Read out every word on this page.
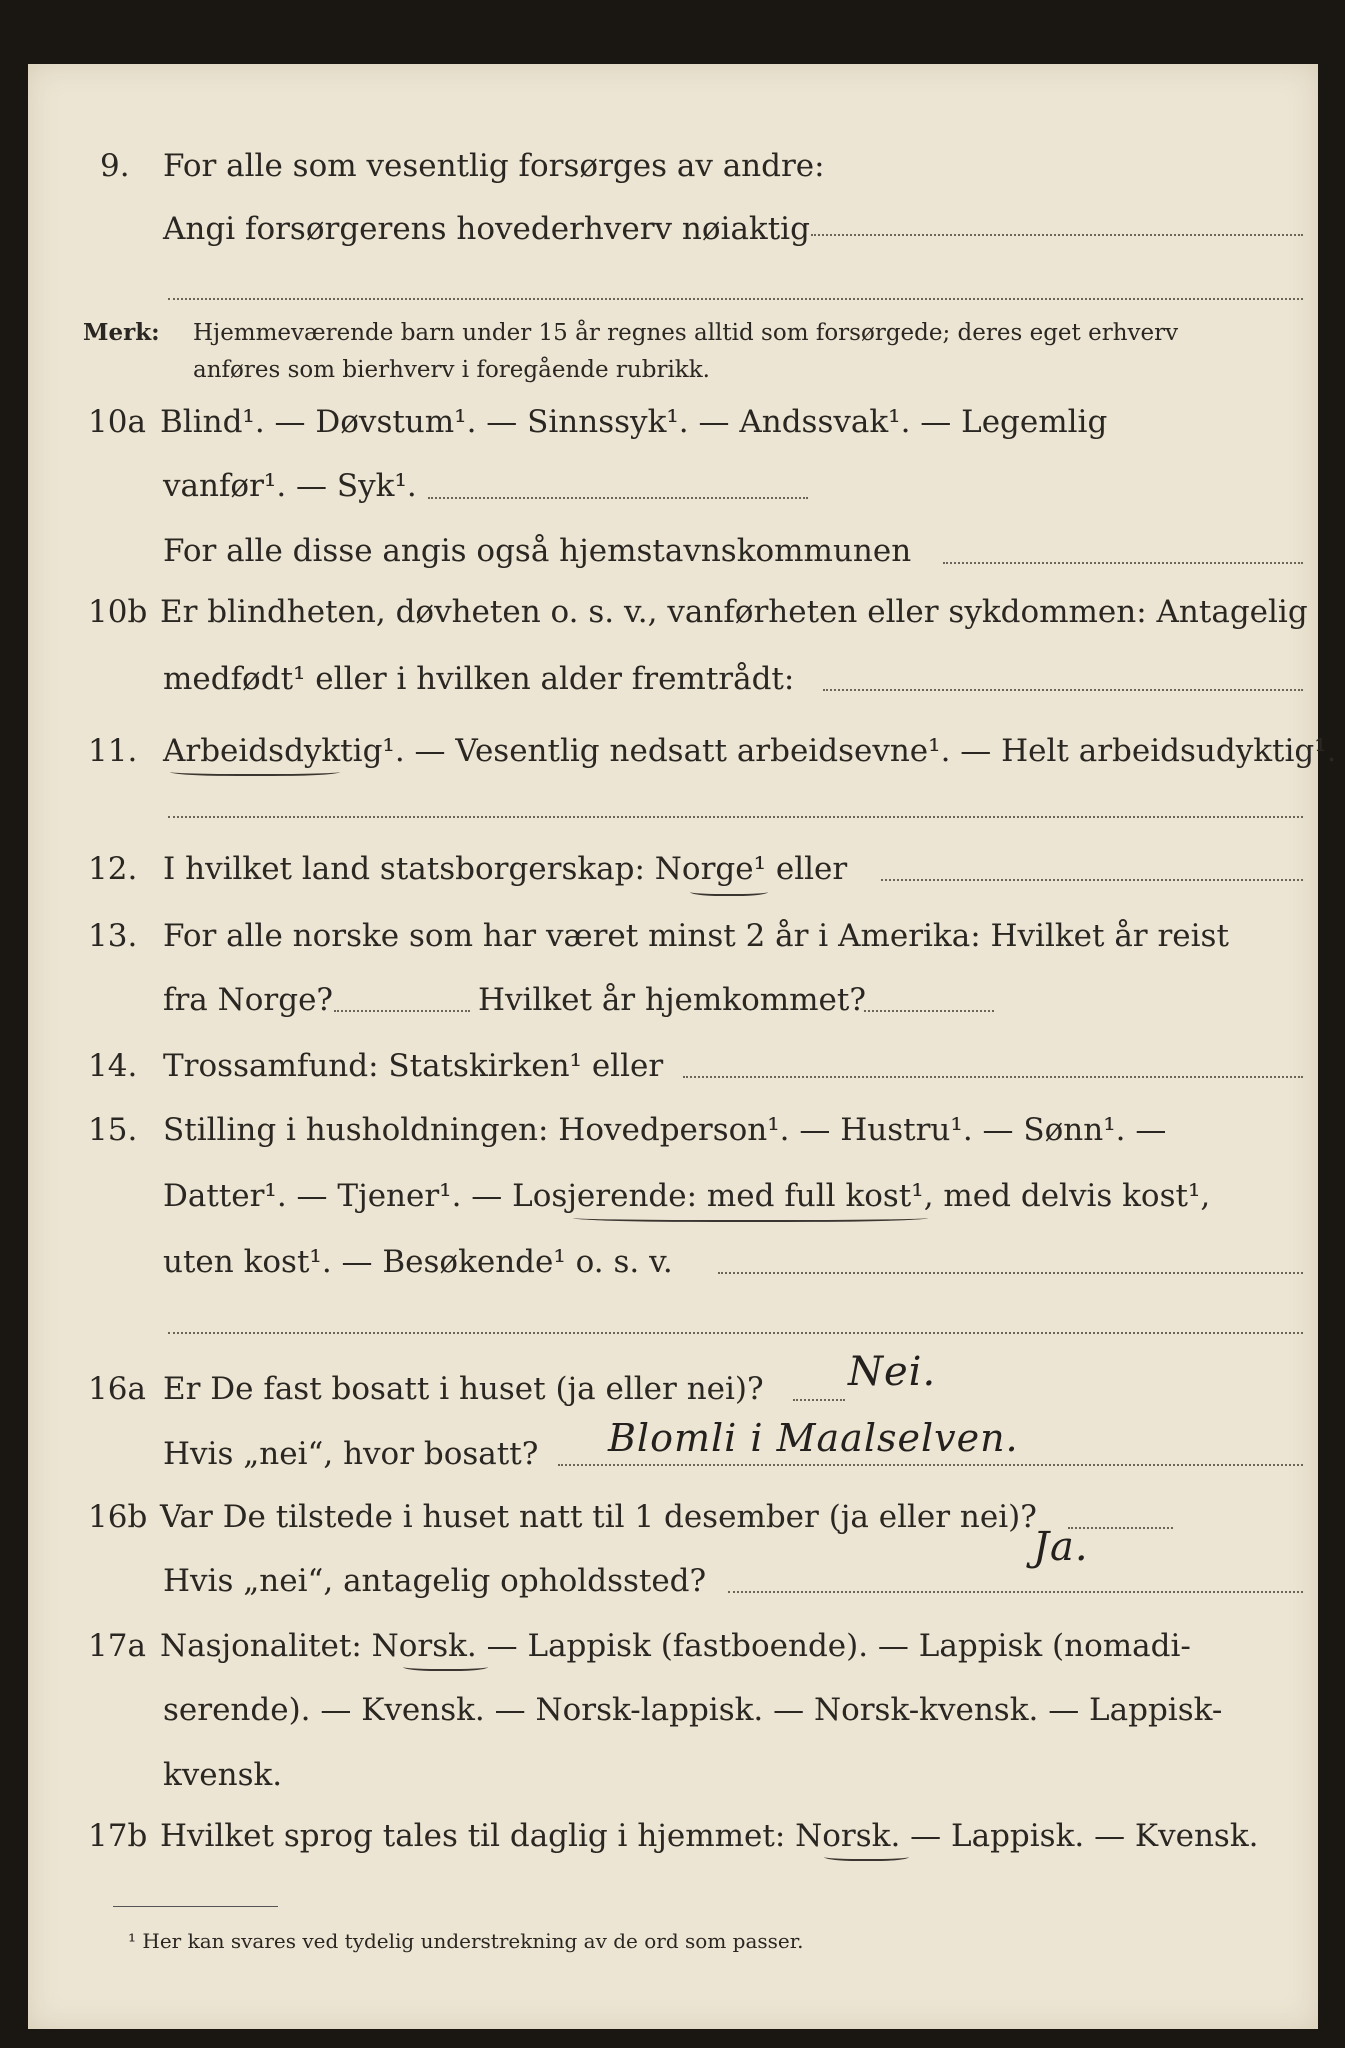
9. For alle som vesentlig forsørges av andre:
Angi forsørgerens hovederhverv nøiaktig
Merk: Hjemmeværende barn under 15 år regnes alltid som forsørgede; deres eget erhverv
anføres som bierhverv i foregående rubrikk.
10a Blind¹. — Døvstum¹. — Sinnssyk¹. — Andssvak¹. — Legemlig
vanfør¹. — Syk¹.
For alle disse angis også hjemstavnskommunen
10b Er blindheten, døvheten o. s. v., vanførheten eller sykdommen: Antagelig
medfødt¹ eller i hvilken alder fremtrådt:
11. Arbeidsdyktig¹. — Vesentlig nedsatt arbeidsevne¹. — Helt arbeidsudyktig¹.
12. I hvilket land statsborgerskap: Norge¹ eller
13. For alle norske som har været minst 2 år i Amerika: Hvilket år reist
fra Norge?	Hvilket år hjemkommet?
14. Trossamfund: Statskirken¹ eller
15. Stilling i husholdningen: Hovedperson¹. — Hustru¹. — Sønn¹. —
Datter¹. — Tjener¹. — Losjerende: med full kost¹, med delvis kost¹,
uten kost¹. — Besøkende¹ o. s. v.
16a Er De fast bosatt i huset (ja eller nei)? Nei.
Hvis „nei“, hvor bosatt? Blomli i Maalselven.
16b Var De tilstede i huset natt til 1 desember (ja eller nei)?
Hvis „nei“, antagelig opholdssted?
Ja.
17a Nasjonalitet: Norsk. — Lappisk (fastboende). — Lappisk (nomadi-
serende). — Kvensk. — Norsk-lappisk. — Norsk-kvensk. — Lappisk-
kvensk.
17b Hvilket sprog tales til daglig i hjemmet: Norsk. — Lappisk. — Kvensk.
¹ Her kan svares ved tydelig understrekning av de ord som passer.
